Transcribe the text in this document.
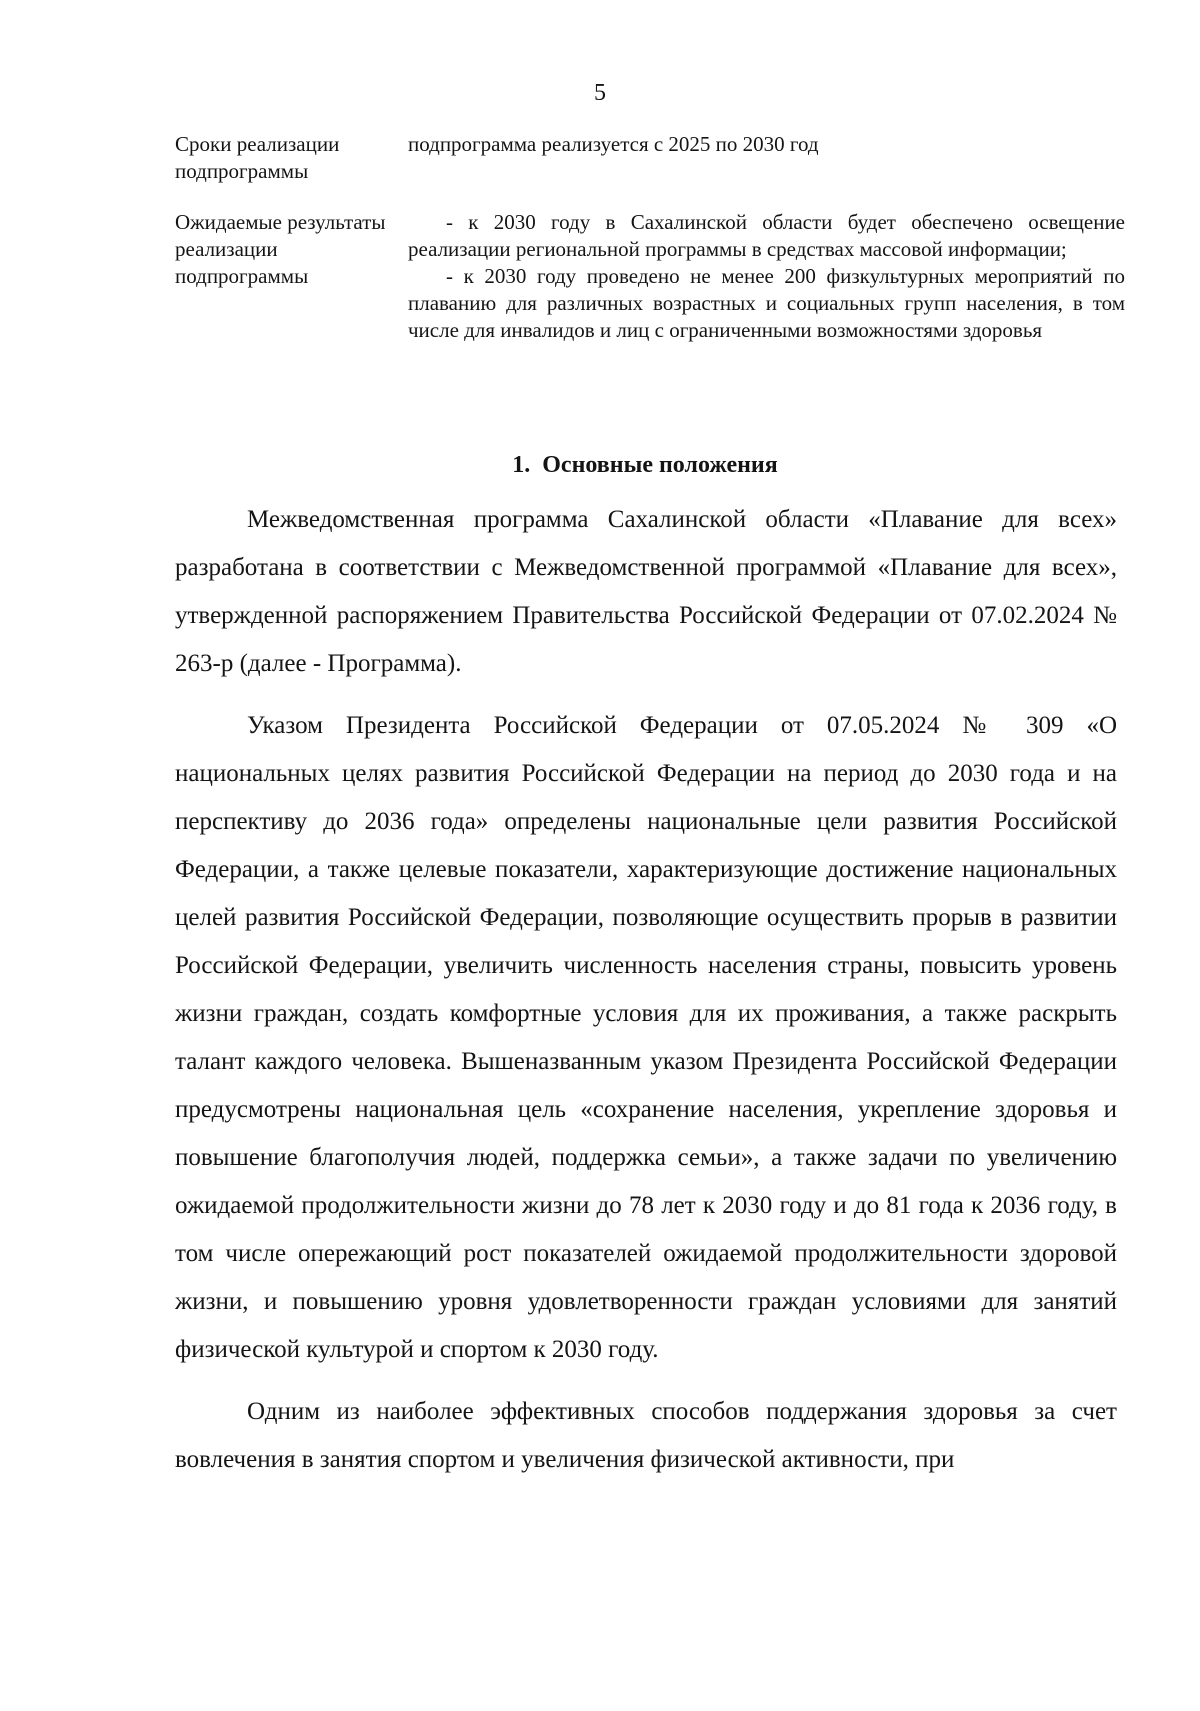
5
Сроки реализации подпрограммы

подпрограмма реализуется с 2025 по 2030 год

Ожидаемые результаты реализации подпрограммы

- к 2030 году в Сахалинской области будет обеспечено освещение реализации региональной программы в средствах массовой информации;

- к 2030 году проведено не менее 200 физкультурных мероприятий по плаванию для различных возрастных и социальных групп населения, в том числе для инвалидов и лиц с ограниченными возможностями здоровья

1. Основные положения

Межведомственная программа Сахалинской области «Плавание для всех» разработана в соответствии с Межведомственной программой «Плавание для всех», утвержденной распоряжением Правительства Российской Федерации от 07.02.2024 № 263-р (далее - Программа).

Указом Президента Российской Федерации от 07.05.2024 № 309 «О национальных целях развития Российской Федерации на период до 2030 года и на перспективу до 2036 года» определены национальные цели развития Российской Федерации, а также целевые показатели, характеризующие достижение национальных целей развития Российской Федерации, позволяющие осуществить прорыв в развитии Российской Федерации, увеличить численность населения страны, повысить уровень жизни граждан, создать комфортные условия для их проживания, а также раскрыть талант каждого человека. Вышеназванным указом Президента Российской Федерации предусмотрены национальная цель «сохранение населения, укрепление здоровья и повышение благополучия людей, поддержка семьи», а также задачи по увеличению ожидаемой продолжительности жизни до 78 лет к 2030 году и до 81 года к 2036 году, в том числе опережающий рост показателей ожидаемой продолжительности здоровой жизни, и повышению уровня удовлетворенности граждан условиями для занятий физической культурой и спортом к 2030 году.

Одним из наиболее эффективных способов поддержания здоровья за счет вовлечения в занятия спортом и увеличения физической активности, при
